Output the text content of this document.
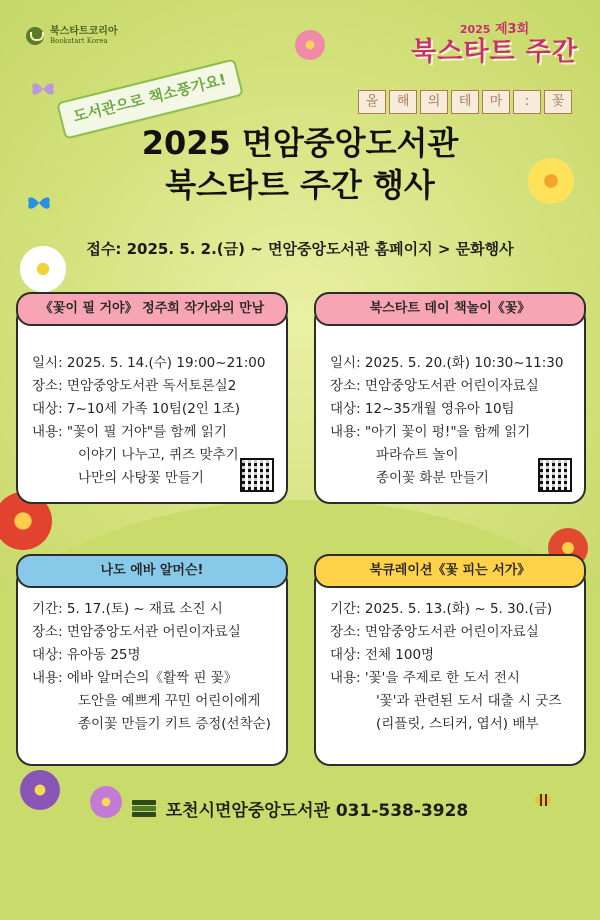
북스타트코리아
Bookstart Korea
도서관으로 책소풍가요!
2025 제3회
북스타트 주간
올	해	의	테	마	:	꽃
2025 면암중앙도서관
북스타트 주간 행사
접수: 2025. 5. 2.(금) ~ 면암중앙도서관 홈페이지 > 문화행사
《꽃이 필 거야》 정주희 작가와의 만남
일시: 2025. 5. 14.(수) 19:00~21:00
장소: 면암중앙도서관 독서토론실2
대상: 7~10세 가족 10팀(2인 1조)
내용: "꽃이 필 거야"를 함께 읽기
이야기 나누고, 퀴즈 맞추기
나만의 사탕꽃 만들기
북스타트 데이 책놀이《꽃》
일시: 2025. 5. 20.(화) 10:30~11:30
장소: 면암중앙도서관 어린이자료실
대상: 12~35개월 영유아 10팀
내용: "아기 꽃이 펑!"을 함께 읽기
파라슈트 놀이
종이꽃 화분 만들기
나도 에바 알머슨!
기간: 5. 17.(토) ~ 재료 소진 시
장소: 면암중앙도서관 어린이자료실
대상: 유아동 25명
내용: 에바 알머슨의《활짝 핀 꽃》
도안을 예쁘게 꾸민 어린이에게
종이꽃 만들기 키트 증정(선착순)
북큐레이션《꽃 피는 서가》
기간: 2025. 5. 13.(화) ~ 5. 30.(금)
장소: 면암중앙도서관 어린이자료실
대상: 전체 100명
내용: '꽃'을 주제로 한 도서 전시
'꽃'과 관련된 도서 대출 시 굿즈
(리플릿, 스티커, 엽서) 배부
포천시면암중앙도서관 031-538-3928
